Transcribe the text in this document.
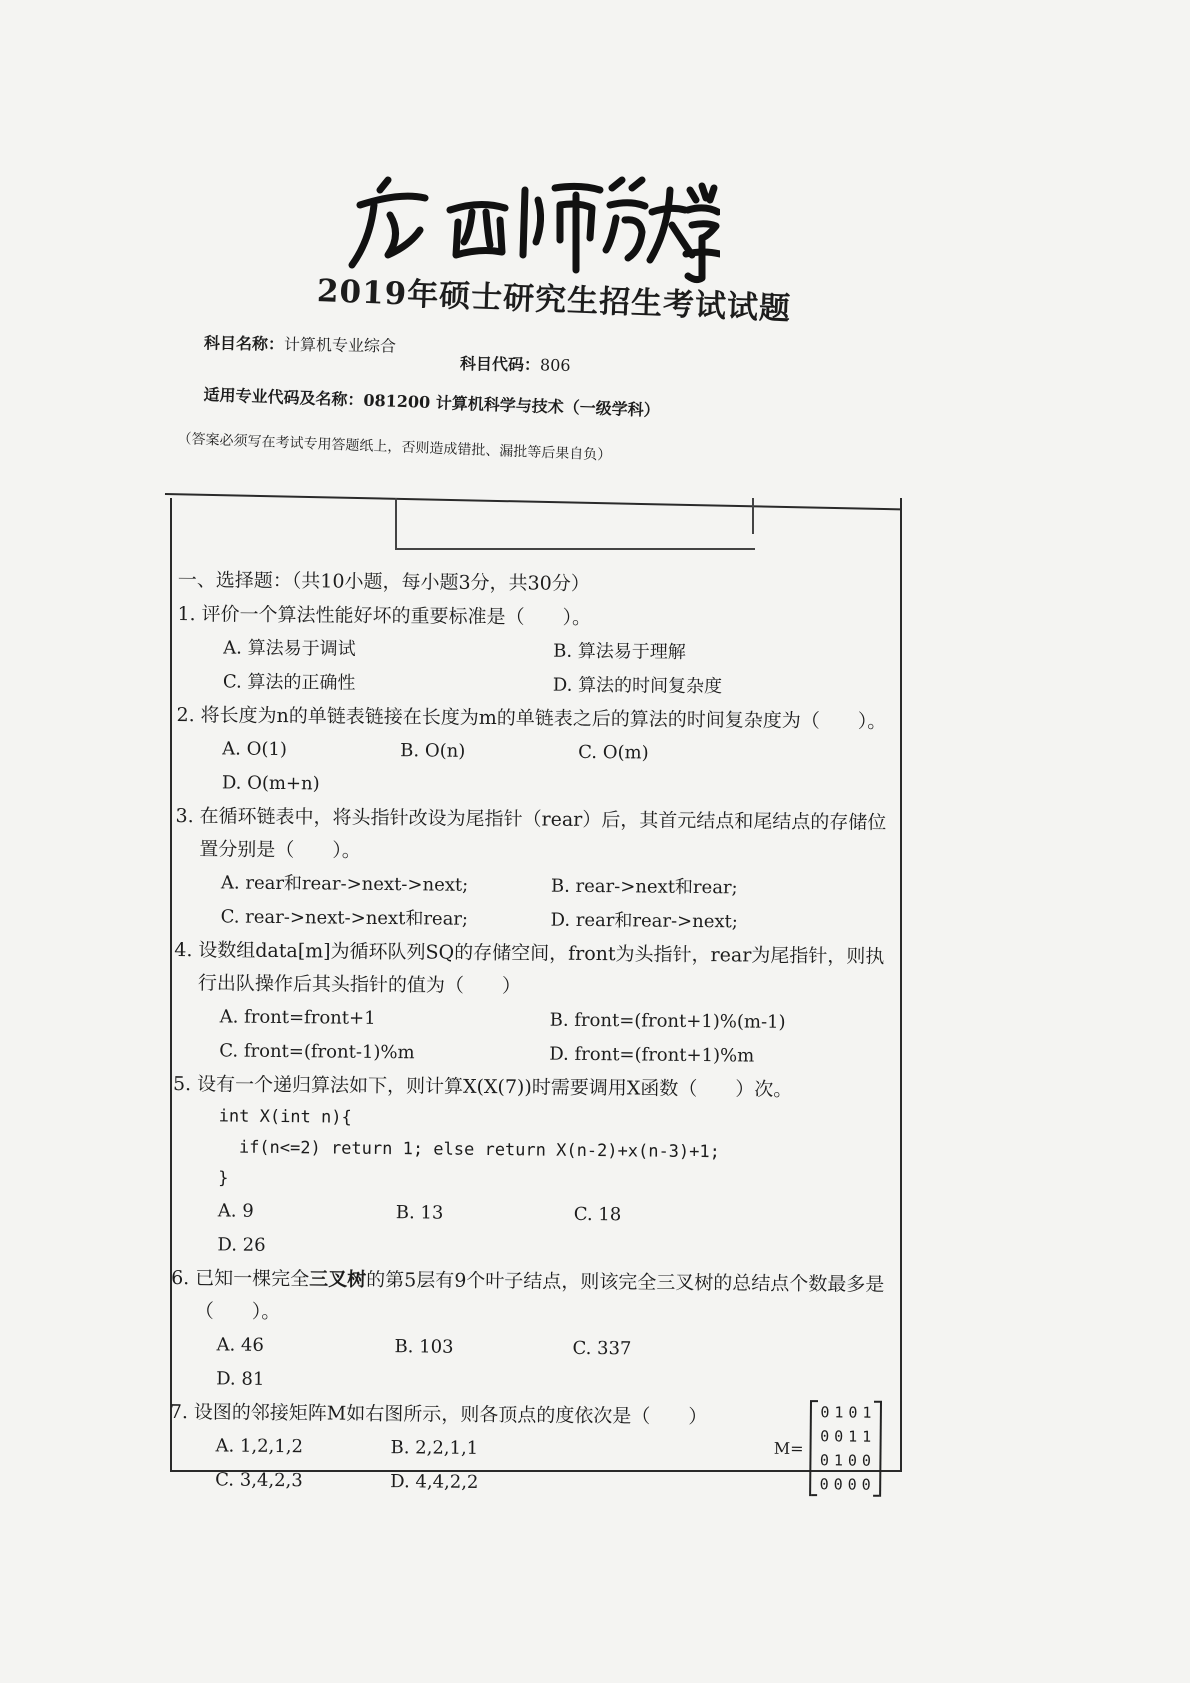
2019年硕士研究生招生考试试题
科目名称：计算机专业综合
科目代码：806
适用专业代码及名称：081200 计算机科学与技术（一级学科）
（答案必须写在考试专用答题纸上，否则造成错批、漏批等后果自负）
一、选择题：（共10小题，每小题3分，共30分）
1. 评价一个算法性能好坏的重要标准是（　　）。
A. 算法易于调试	B. 算法易于理解
C. 算法的正确性	D. 算法的时间复杂度
2. 将长度为n的单链表链接在长度为m的单链表之后的算法的时间复杂度为（　　）。
A. O(1)	B. O(n)	C. O(m)D. O(m+n)
3. 在循环链表中，将头指针改设为尾指针（rear）后，其首元结点和尾结点的存储位置分别是（　　）。
A. rear和rear->next->next;	B. rear->next和rear;
C. rear->next->next和rear;	D. rear和rear->next;
4. 设数组data[m]为循环队列SQ的存储空间，front为头指针，rear为尾指针，则执行出队操作后其头指针的值为（　　）
A. front=front+1	B. front=(front+1)%(m-1)
C. front=(front-1)%m	D. front=(front+1)%m
5. 设有一个递归算法如下，则计算X(X(7))时需要调用X函数（　　）次。
int X(int n){
if(n<=2) return 1; else return X(n-2)+x(n-3)+1;
}
A. 9	B. 13	C. 18D. 26
6. 已知一棵完全三叉树的第5层有9个叶子结点，则该完全三叉树的总结点个数最多是（　　）。
A. 46	B. 103	C. 337D. 81
7. 设图的邻接矩阵M如右图所示，则各顶点的度依次是（　　）
A. 1,2,1,2	B. 2,2,1,1
C. 3,4,2,3	D. 4,4,2,2
M=
0 1 0 1
0 0 1 1
0 1 0 0
0 0 0 0
